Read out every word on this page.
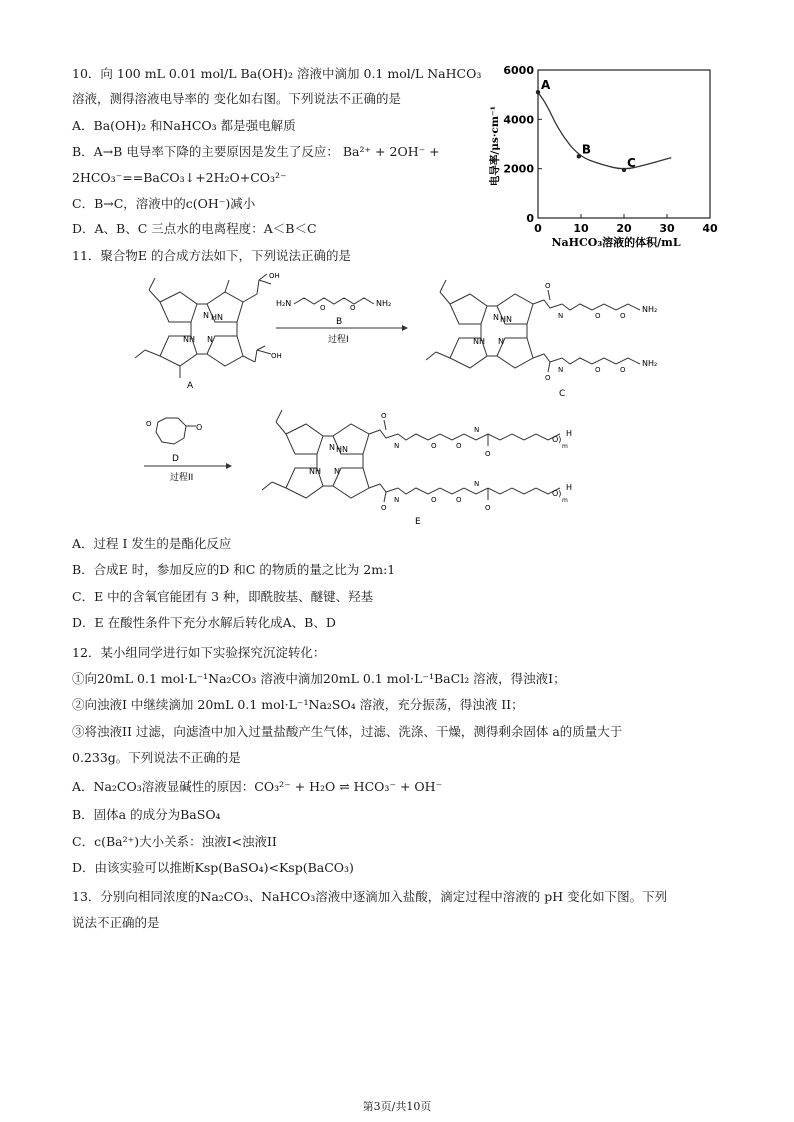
10．向 100 mL 0.01 mol/L Ba(OH)₂ 溶液中滴加 0.1 mol/L NaHCO₃
溶液，测得溶液电导率的 变化如右图。下列说法不正确的是
A．Ba(OH)₂ 和NaHCO₃ 都是强电解质
B．A→B 电导率下降的主要原因是发生了反应： Ba²⁺ + 2OH⁻ +
2HCO₃⁻==BaCO₃↓+2H₂O+CO₃²⁻
C．B→C，溶液中的c(OH⁻)减小
D．A、B、C 三点水的电离程度：A＜B＜C
0
2000
4000
6000
0	10	20	30	40
A
B
C
NaHCO₃溶液的体积/mL
电导率/μs·cm⁻¹
11．聚合物E 的合成方法如下，下列说法正确的是
N HN
NH N
OH
OH
A
H₂N	O	O	NH₂
B
过程I
N HN
NH N
O
O
N
N
O	O
O	O
NH₂
NH₂
C
O
O
D
过程II
N HN
NH N
O
O
N
N
O	O
O	O
N
N
O
O
O)
H
m
O)
H
m
E
A．过程 I 发生的是酯化反应
B．合成E 时，参加反应的D 和C 的物质的量之比为 2m:1
C．E 中的含氧官能团有 3 种，即酰胺基、醚键、羟基
D．E 在酸性条件下充分水解后转化成A、B、D
12．某小组同学进行如下实验探究沉淀转化：
①向20mL 0.1 mol·L⁻¹Na₂CO₃ 溶液中滴加20mL 0.1 mol·L⁻¹BaCl₂ 溶液，得浊液I；
②向浊液I 中继续滴加 20mL 0.1 mol·L⁻¹Na₂SO₄ 溶液，充分振荡，得浊液 II；
③将浊液II 过滤，向滤渣中加入过量盐酸产生气体，过滤、洗涤、干燥，测得剩余固体 a的质量大于
0.233g。下列说法不正确的是
A．Na₂CO₃溶液显碱性的原因：CO₃²⁻ + H₂O ⇌ HCO₃⁻ + OH⁻
B．固体a 的成分为BaSO₄
C．c(Ba²⁺)大小关系：浊液I<浊液II
D．由该实验可以推断Ksp(BaSO₄)<Ksp(BaCO₃)
13．分别向相同浓度的Na₂CO₃、NaHCO₃溶液中逐滴加入盐酸，滴定过程中溶液的 pH 变化如下图。下列
说法不正确的是
第3页/共10页
